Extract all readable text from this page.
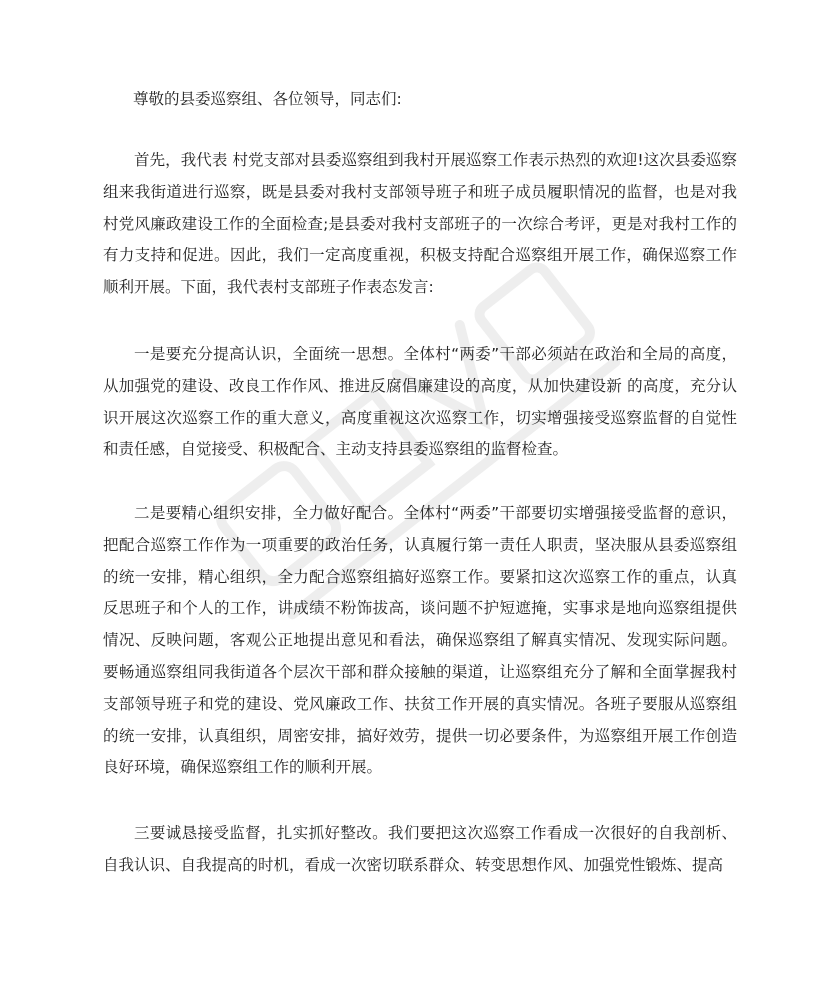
尊敬的县委巡察组、各位领导，同志们:

首先，我代表 村党支部对县委巡察组到我村开展巡察工作表示热烈的欢迎!这次县委巡察组来我街道进行巡察，既是县委对我村支部领导班子和班子成员履职情况的监督，也是对我村党风廉政建设工作的全面检查;是县委对我村支部班子的一次综合考评，更是对我村工作的有力支持和促进。因此，我们一定高度重视，积极支持配合巡察组开展工作，确保巡察工作顺利开展。下面，我代表村支部班子作表态发言:

一是要充分提高认识，全面统一思想。全体村“两委”干部必须站在政治和全局的高度，从加强党的建设、改良工作作风、推进反腐倡廉建设的高度，从加快建设新 的高度，充分认识开展这次巡察工作的重大意义，高度重视这次巡察工作，切实增强接受巡察监督的自觉性和责任感，自觉接受、积极配合、主动支持县委巡察组的监督检查。

二是要精心组织安排，全力做好配合。全体村“两委”干部要切实增强接受监督的意识，把配合巡察工作作为一项重要的政治任务，认真履行第一责任人职责，坚决服从县委巡察组的统一安排，精心组织，全力配合巡察组搞好巡察工作。要紧扣这次巡察工作的重点，认真反思班子和个人的工作，讲成绩不粉饰拔高，谈问题不护短遮掩，实事求是地向巡察组提供情况、反映问题，客观公正地提出意见和看法，确保巡察组了解真实情况、发现实际问题。要畅通巡察组同我街道各个层次干部和群众接触的渠道，让巡察组充分了解和全面掌握我村支部领导班子和党的建设、党风廉政工作、扶贫工作开展的真实情况。各班子要服从巡察组的统一安排，认真组织，周密安排，搞好效劳，提供一切必要条件，为巡察组开展工作创造良好环境，确保巡察组工作的顺利开展。

三要诚恳接受监督，扎实抓好整改。我们要把这次巡察工作看成一次很好的自我剖析、自我认识、自我提高的时机，看成一次密切联系群众、转变思想作风、加强党性锻炼、提高
